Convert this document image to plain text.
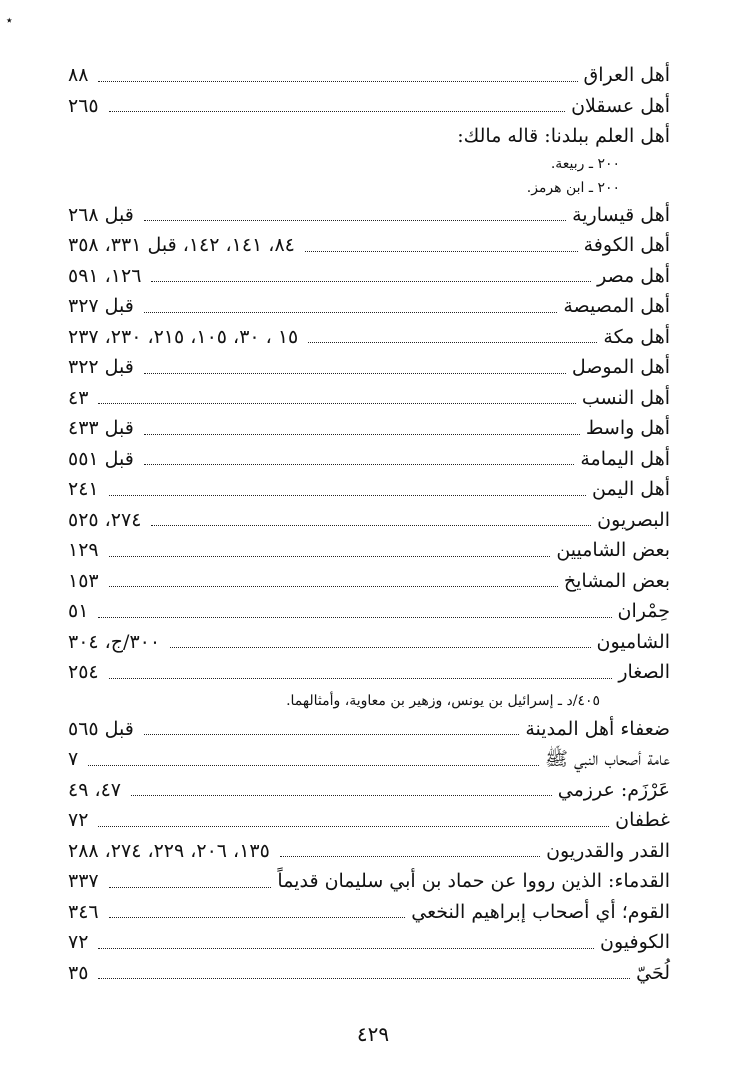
٭
أهل العراق
٨٨
أهل عسقلان
٢٦٥
أهل العلم ببلدنا: قاله مالك:
٢٠٠ ـ ربيعة.
٢٠٠ ـ ابن هرمز.
أهل قيسارية
قبل ٢٦٨
أهل الكوفة
٨٤، ١٤١، ١٤٢، قبل ٣٣١، ٣٥٨
أهل مصر
١٢٦، ٥٩١
أهل المصيصة
قبل ٣٢٧
أهل مكة
١٥ ، ٣٠، ١٠٥، ٢١٥، ٢٣٠، ٢٣٧
أهل الموصل
قبل ٣٢٢
أهل النسب
٤٣
أهل واسط
قبل ٤٣٣
أهل اليمامة
قبل ٥٥١
أهل اليمن
٢٤١
البصريون
٢٧٤، ٥٢٥
بعض الشاميين
١٢٩
بعض المشايخ
١٥٣
حِمْران
٥١
الشاميون
٣٠٠/ج، ٣٠٤
الصغار
٢٥٤
٤٠٥/د ـ إسرائيل بن يونس، وزهير بن معاوية، وأمثالهما.
ضعفاء أهل المدينة
قبل ٥٦٥
عامة أصحاب النبي ﷺ
٧
عَرْزَم: عرزمي
٤٧، ٤٩
غطفان
٧٢
القدر والقدريون
١٣٥، ٢٠٦، ٢٢٩، ٢٧٤، ٢٨٨
القدماء: الذين رووا عن حماد بن أبي سليمان قديماً
٣٣٧
القوم؛ أي أصحاب إبراهيم النخعي
٣٤٦
الكوفيون
٧٢
لُحَيّ
٣٥
٤٢٩
